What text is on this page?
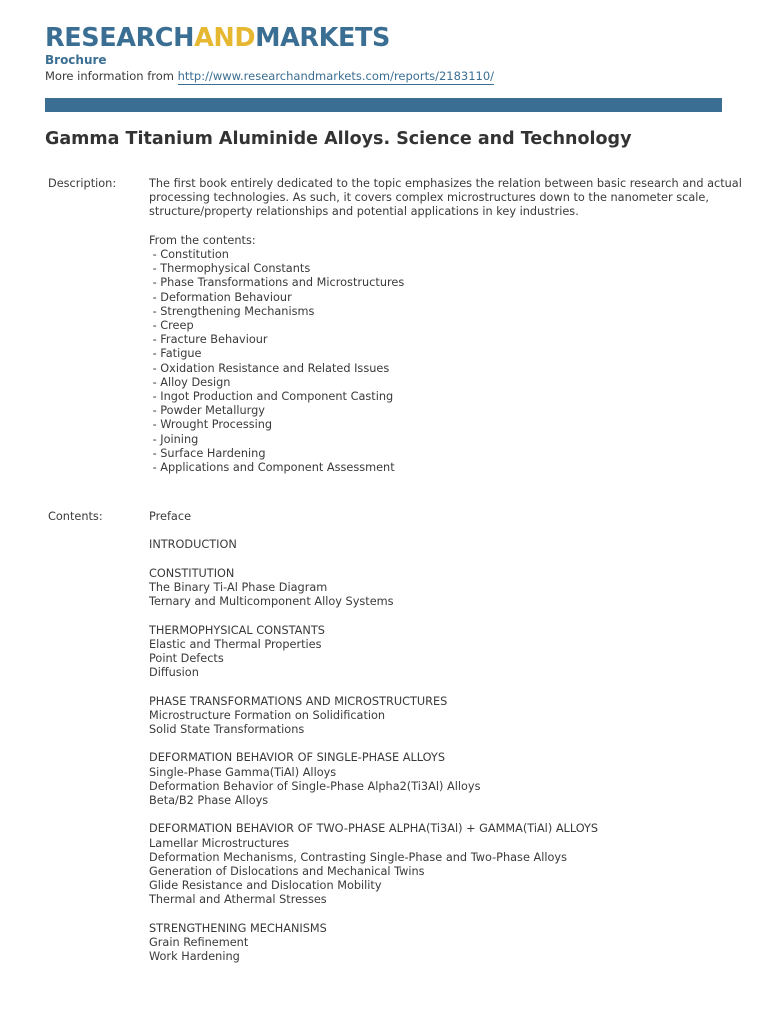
RESEARCHANDMARKETS
Brochure
More information from http://www.researchandmarkets.com/reports/2183110/
Gamma Titanium Aluminide Alloys. Science and Technology
Description:	The first book entirely dedicated to the topic emphasizes the relation between basic research and actual
processing technologies. As such, it covers complex microstructures down to the nanometer scale,
structure/property relationships and potential applications in key industries.
From the contents:
- Constitution
- Thermophysical Constants
- Phase Transformations and Microstructures
- Deformation Behaviour
- Strengthening Mechanisms
- Creep
- Fracture Behaviour
- Fatigue
- Oxidation Resistance and Related Issues
- Alloy Design
- Ingot Production and Component Casting
- Powder Metallurgy
- Wrought Processing
- Joining
- Surface Hardening
- Applications and Component Assessment
Contents:	Preface
INTRODUCTION
CONSTITUTION
The Binary Ti-Al Phase Diagram
Ternary and Multicomponent Alloy Systems
THERMOPHYSICAL CONSTANTS
Elastic and Thermal Properties
Point Defects
Diffusion
PHASE TRANSFORMATIONS AND MICROSTRUCTURES
Microstructure Formation on Solidification
Solid State Transformations
DEFORMATION BEHAVIOR OF SINGLE-PHASE ALLOYS
Single-Phase Gamma(TiAl) Alloys
Deformation Behavior of Single-Phase Alpha2(Ti3Al) Alloys
Beta/B2 Phase Alloys
DEFORMATION BEHAVIOR OF TWO-PHASE ALPHA(Ti3Al) + GAMMA(TiAl) ALLOYS
Lamellar Microstructures
Deformation Mechanisms, Contrasting Single-Phase and Two-Phase Alloys
Generation of Dislocations and Mechanical Twins
Glide Resistance and Dislocation Mobility
Thermal and Athermal Stresses
STRENGTHENING MECHANISMS
Grain Refinement
Work Hardening
